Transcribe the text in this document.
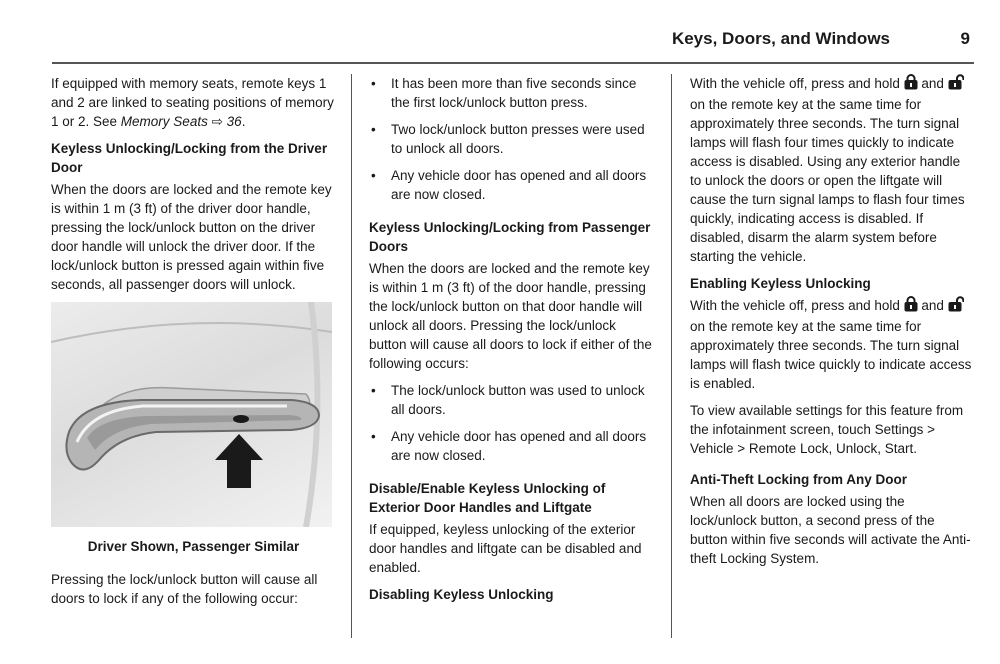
Keys, Doors, and Windows	9

If equipped with memory seats, remote keys 1 and 2 are linked to seating positions of memory 1 or 2. See Memory Seats ⇨ 36.

Keyless Unlocking/Locking from the Driver Door

When the doors are locked and the remote key is within 1 m (3 ft) of the driver door handle, pressing the lock/unlock button on the driver door handle will unlock the driver door. If the lock/unlock button is pressed again within five seconds, all passenger doors will unlock.

Driver Shown, Passenger Similar

Pressing the lock/unlock button will cause all doors to lock if any of the following occur:

• It has been more than five seconds since the first lock/unlock button press.
• Two lock/unlock button presses were used to unlock all doors.
• Any vehicle door has opened and all doors are now closed.
Keyless Unlocking/Locking from Passenger Doors

When the doors are locked and the remote key is within 1 m (3 ft) of the door handle, pressing the lock/unlock button on that door handle will unlock all doors. Pressing the lock/unlock button will cause all doors to lock if either of the following occurs:

• The lock/unlock button was used to unlock all doors.
• Any vehicle door has opened and all doors are now closed.
Disable/Enable Keyless Unlocking of Exterior Door Handles and Liftgate

If equipped, keyless unlocking of the exterior door handles and liftgate can be disabled and enabled.

Disabling Keyless Unlocking

With the vehicle off, press and hold and  on the remote key at the same time for approximately three seconds. The turn signal lamps will flash four times quickly to indicate access is disabled. Using any exterior handle to unlock the doors or open the liftgate will cause the turn signal lamps to flash four times quickly, indicating access is disabled. If disabled, disarm the alarm system before starting the vehicle.

Enabling Keyless Unlocking

With the vehicle off, press and hold and  on the remote key at the same time for approximately three seconds. The turn signal lamps will flash twice quickly to indicate access is enabled.

To view available settings for this feature from the infotainment screen, touch Settings > Vehicle > Remote Lock, Unlock, Start.

Anti-Theft Locking from Any Door

When all doors are locked using the lock/unlock button, a second press of the button within five seconds will activate the Anti-theft Locking System.
